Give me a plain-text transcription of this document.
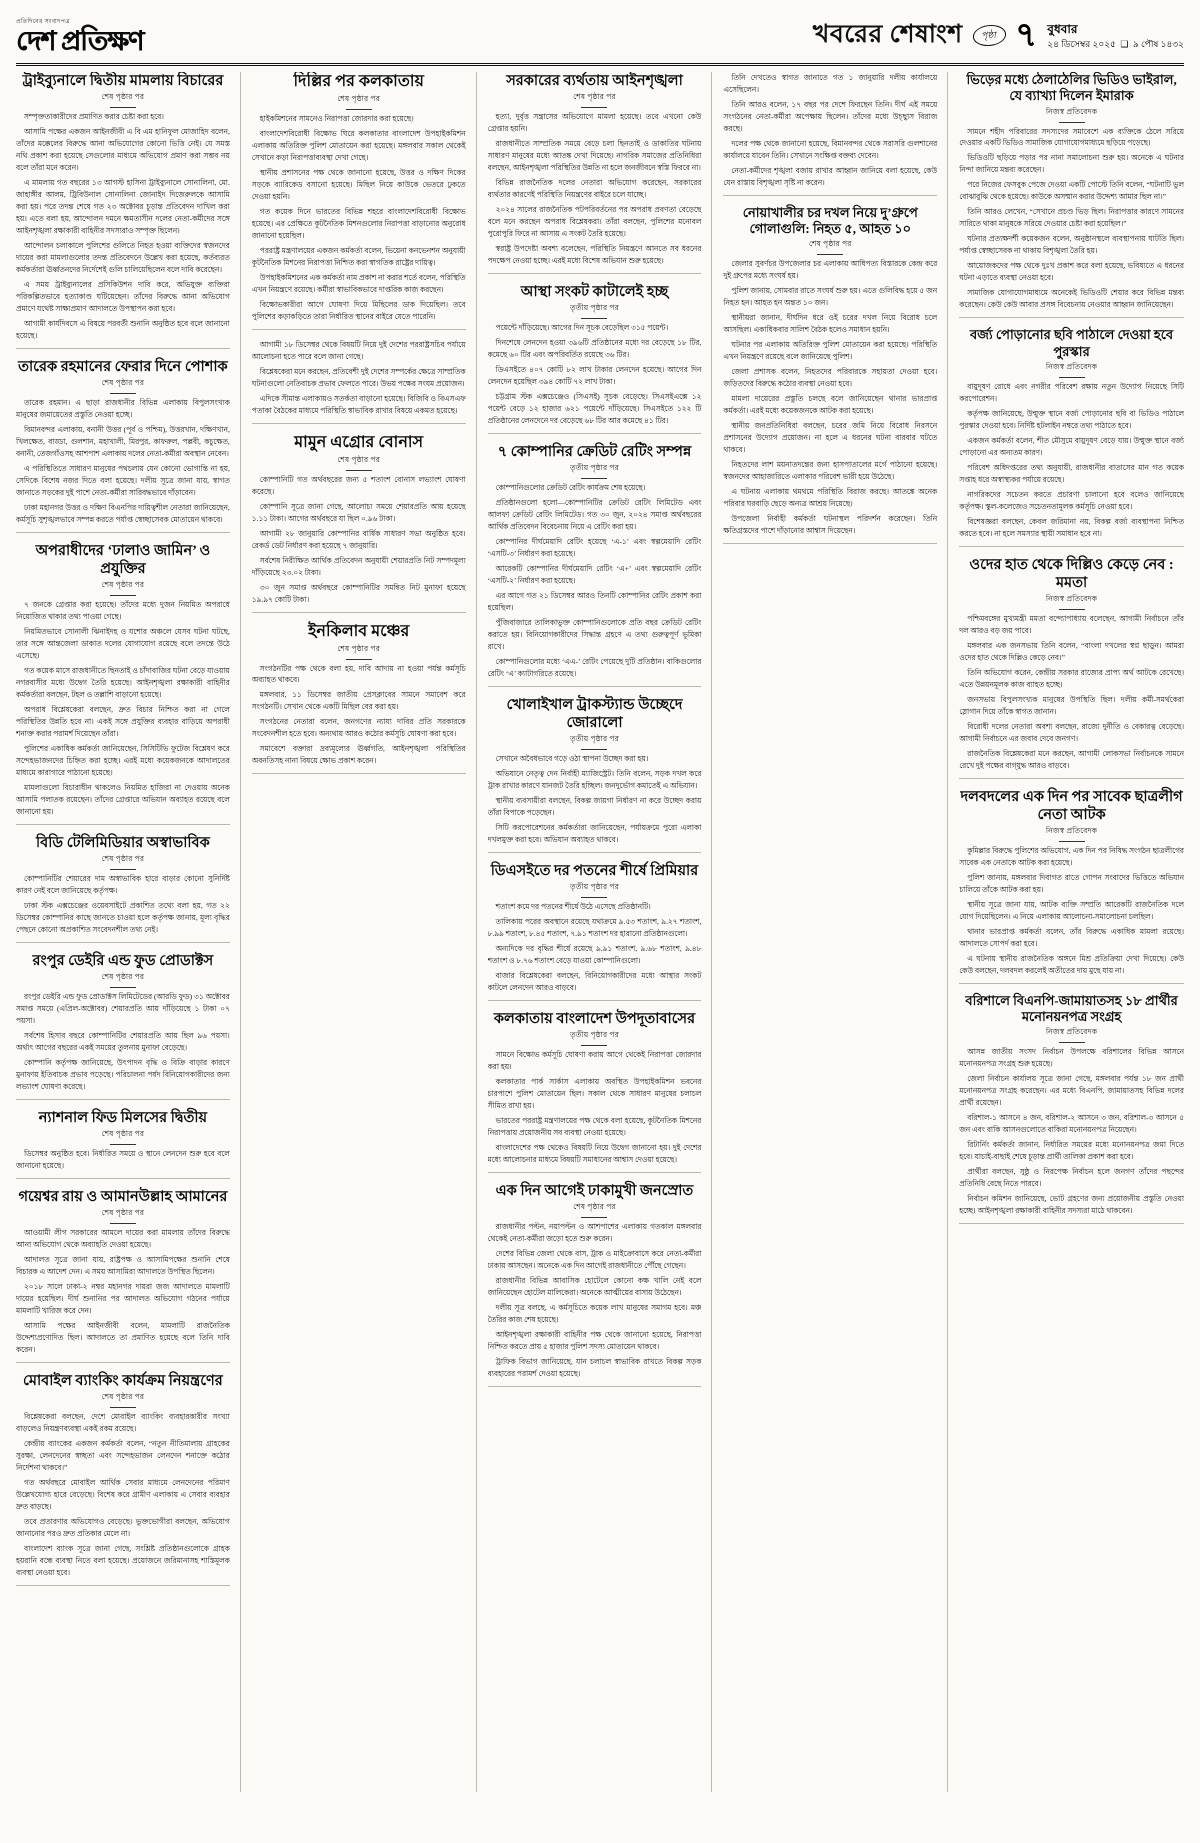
প্রতিদিনের সংবাদপত্র
দেশ প্রতিক্ষণ	খবরের শেষাংশ	পৃষ্ঠা ৭ বুধবার
২৪ ডিসেম্বর ২০২৫  ❑  ৯ পৌষ ১৪৩২
ট্রাইব্যুনালে দ্বিতীয় মামলায় বিচারের
শেষ পৃষ্ঠার পর

সম্পৃক্ততাকারীদের প্রমাণিত করার চেষ্টা করা হবে।

আসামি পক্ষের একজন আইনজীবী এ বি এম হানিফুল মোজাহিদ বলেন, তাঁদের মক্কেলের বিরুদ্ধে আনা অভিযোগের কোনো ভিত্তি নেই। যে সমস্ত নথি প্রকাশ করা হয়েছে সেগুলোর মাধ্যমে অভিযোগ প্রমাণ করা সম্ভব নয় বলে তাঁরা মনে করেন।

এ মামলায় গত বছরের ১৩ আগস্ট হাসিনা ট্রাইব্যুনালে সোনালিনা, মো. জাহাঙ্গীর আলম, ট্রিবিউনাল সোনালিনা জোনাইদ দিজেরুলকে আসামি করা হয়। পরে তদন্ত শেষে গত ২৩ অক্টোবর চূড়ান্ত প্রতিবেদন দাখিল করা হয়। এতে বলা হয়, আন্দোলন দমনে ক্ষমতাসীন দলের নেতা-কর্মীদের সঙ্গে আইনশৃঙ্খলা রক্ষাকারী বাহিনীর সদস্যরাও সম্পৃক্ত ছিলেন।

আন্দোলন চলাকালে পুলিশের গুলিতে নিহত হওয়া ব্যক্তিদের স্বজনদের দায়ের করা মামলাগুলোর তদন্ত প্রতিবেদনে উল্লেখ করা হয়েছে, কর্তব্যরত কর্মকর্তারা ঊর্ধ্বতনদের নির্দেশেই গুলি চালিয়েছিলেন বলে দাবি করেছেন।

এ সময় ট্রাইব্যুনালের প্রসিকিউশন দাবি করে, অভিযুক্ত ব্যক্তিরা পরিকল্পিতভাবে হত্যাকাণ্ড ঘটিয়েছেন। তাঁদের বিরুদ্ধে আনা অভিযোগ প্রমাণে যথেষ্ট সাক্ষ্যপ্রমাণ আদালতে উপস্থাপন করা হবে।

আগামী কার্যদিবসে এ বিষয়ে পরবর্তী শুনানি অনুষ্ঠিত হবে বলে জানানো হয়েছে।

তারেক রহমানের ফেরার দিনে পোশাক
শেষ পৃষ্ঠার পর

তারেক রহমান। এ ছাড়া রাজধানীর বিভিন্ন এলাকায় বিপুলসংখ্যক মানুষের জমায়েতের প্রস্তুতি নেওয়া হচ্ছে।

বিমানবন্দর এলাকায়, বনানী উত্তর (পূর্ব ও পশ্চিম), উত্তরখান, দক্ষিণখান, খিলক্ষেত, বাড্ডা, গুলশান, মহাখালী, মিরপুর, কাফরুল, পল্লবী, কচুক্ষেত, বনানী, তেজগাঁওসহ আশপাশ এলাকায় দলের নেতা-কর্মীরা অবস্থান নেবেন।

এ পরিস্থিতিতে সাধারণ মানুষের পথচলায় যেন কোনো ভোগান্তি না হয়, সেদিকে বিশেষ নজর দিতে বলা হয়েছে। দলীয় সূত্রে জানা যায়, স্বাগত জানাতে সড়কের দুই পাশে নেতা-কর্মীরা সারিবদ্ধভাবে দাঁড়াবেন।

ঢাকা মহানগর উত্তর ও দক্ষিণ বিএনপির দায়িত্বশীল নেতারা জানিয়েছেন, কর্মসূচি সুশৃঙ্খলভাবে সম্পন্ন করতে পর্যাপ্ত স্বেচ্ছাসেবক মোতায়েন থাকবে।

অপরাধীদের ‘ঢালাও জামিন’ ও প্রযুক্তির
শেষ পৃষ্ঠার পর

৭ জনকে গ্রেপ্তার করা হয়েছে। তাঁদের মধ্যে দুজন নিয়মিত অপরাধে নিয়োজিত থাকার তথ্য পাওয়া গেছে।

নিয়মিতভাবে সোনালী ঝিনাইদহ ও যশোর অঞ্চলে যেসব ঘটনা ঘটছে, তার সঙ্গে আন্তজেলা ডাকাত দলের যোগাযোগ রয়েছে বলে তদন্তে উঠে এসেছে।

গত কয়েক মাসে রাজধানীতে ছিনতাই ও চাঁদাবাজির ঘটনা বেড়ে যাওয়ায় নগরবাসীর মধ্যে উদ্বেগ তৈরি হয়েছে। আইনশৃঙ্খলা রক্ষাকারী বাহিনীর কর্মকর্তারা বলছেন, টহল ও তল্লাশি বাড়ানো হয়েছে।

অপরাধ বিশ্লেষকেরা বলছেন, দ্রুত বিচার নিশ্চিত করা না গেলে পরিস্থিতির উন্নতি হবে না। একই সঙ্গে প্রযুক্তির ব্যবহার বাড়িয়ে অপরাধী শনাক্ত করার পরামর্শ দিয়েছেন তাঁরা।

পুলিশের একাধিক কর্মকর্তা জানিয়েছেন, সিসিটিভি ফুটেজ বিশ্লেষণ করে সন্দেহভাজনদের চিহ্নিত করা হচ্ছে। এরই মধ্যে কয়েকজনকে আদালতের মাধ্যমে কারাগারে পাঠানো হয়েছে।

মামলাগুলো বিচারাধীন থাকলেও নিয়মিত হাজিরা না দেওয়ায় অনেক আসামি পলাতক রয়েছেন। তাঁদের গ্রেপ্তারে অভিযান অব্যাহত রয়েছে বলে জানানো হয়।

বিডি টেলিমিডিয়ার অস্বাভাবিক
শেষ পৃষ্ঠার পর

কোম্পানিটির শেয়ারের দাম অস্বাভাবিক হারে বাড়ার কোনো সুনির্দিষ্ট কারণ নেই বলে জানিয়েছে কর্তৃপক্ষ।

ঢাকা স্টক এক্সচেঞ্জের ওয়েবসাইটে প্রকাশিত তথ্যে বলা হয়, গত ২২ ডিসেম্বর কোম্পানির কাছে জানতে চাওয়া হলে কর্তৃপক্ষ জানায়, মূল্য বৃদ্ধির পেছনে কোনো অপ্রকাশিত সংবেদনশীল তথ্য নেই।

রংপুর ডেইরি এন্ড ফুড প্রোডাক্টস
শেষ পৃষ্ঠার পর

রংপুর ডেইরি এন্ড ফুড প্রোডাক্টস লিমিটেডের (আরডি ফুড) ৩১ অক্টোবর সমাপ্ত সময়ে (এপ্রিল-অক্টোবর) শেয়ারপ্রতি আয় দাঁড়িয়েছে ১ টাকা ০৭ পয়সা।

সর্বশেষ হিসাব বছরে কোম্পানিটির শেয়ারপ্রতি আয় ছিল ৯৬ পয়সা। অর্থাৎ আগের বছরের একই সময়ের তুলনায় মুনাফা বেড়েছে।

কোম্পানি কর্তৃপক্ষ জানিয়েছে, উৎপাদন বৃদ্ধি ও বিক্রি বাড়ার কারণে মুনাফায় ইতিবাচক প্রভাব পড়েছে। পরিচালনা পর্ষদ বিনিয়োগকারীদের জন্য লভ্যাংশ ঘোষণা করেছে।

ন্যাশনাল ফিড মিলসের দ্বিতীয়
শেষ পৃষ্ঠার পর

ডিসেম্বর অনুষ্ঠিত হবে। নির্ধারিত সময়ে ও স্থানে লেনদেন শুরু হবে বলে জানানো হয়েছে।

গয়েশ্বর রায় ও আমানউল্লাহ আমানের
শেষ পৃষ্ঠার পর

আওয়ামী লীগ সরকারের আমলে দায়ের করা মামলায় তাঁদের বিরুদ্ধে আনা অভিযোগ থেকে অব্যাহতি দেওয়া হয়েছে।

আদালত সূত্রে জানা যায়, রাষ্ট্রপক্ষ ও আসামিপক্ষের শুনানি শেষে বিচারক এ আদেশ দেন। এ সময় আসামিরা আদালতে উপস্থিত ছিলেন।

২০১৮ সালে ঢাকা-২ নম্বর মহানগর দায়রা জজ আদালতে মামলাটি দায়ের হয়েছিল। দীর্ঘ শুনানির পর আদালত অভিযোগ গঠনের পর্যায়ে মামলাটি খারিজ করে দেন।

আসামি পক্ষের আইনজীবী বলেন, মামলাটি রাজনৈতিক উদ্দেশ্যপ্রণোদিত ছিল। আদালতে তা প্রমাণিত হয়েছে বলে তিনি দাবি করেন।

মোবাইল ব্যাংকিং কার্যক্রম নিয়ন্ত্রণের
শেষ পৃষ্ঠার পর

বিশ্লেষকেরা বলছেন, দেশে মোবাইল ব্যাংকিং ব্যবহারকারীর সংখ্যা বাড়লেও নিয়ন্ত্রণব্যবস্থা একই রকম রয়েছে।

কেন্দ্রীয় ব্যাংকের একজন কর্মকর্তা বলেন, “নতুন নীতিমালায় গ্রাহকের সুরক্ষা, লেনদেনের স্বচ্ছতা এবং সন্দেহভাজন লেনদেন শনাক্তে কঠোর নির্দেশনা থাকবে।”

গত অর্থবছরে মোবাইল আর্থিক সেবার মাধ্যমে লেনদেনের পরিমাণ উল্লেখযোগ্য হারে বেড়েছে। বিশেষ করে গ্রামীণ এলাকায় এ সেবার ব্যবহার দ্রুত বাড়ছে।

তবে প্রতারণার অভিযোগও বেড়েছে। ভুক্তভোগীরা বলছেন, অভিযোগ জানানোর পরও দ্রুত প্রতিকার মেলে না।

বাংলাদেশ ব্যাংক সূত্রে জানা গেছে, সংশ্লিষ্ট প্রতিষ্ঠানগুলোকে গ্রাহক হয়রানি বন্ধে ব্যবস্থা নিতে বলা হয়েছে। প্রয়োজনে জরিমানাসহ শাস্তিমূলক ব্যবস্থা নেওয়া হবে।

দিল্লির পর কলকাতায়
শেষ পৃষ্ঠার পর

হাইকমিশনের সামনেও নিরাপত্তা জোরদার করা হয়েছে।

বাংলাদেশবিরোধী বিক্ষোভ ঘিরে কলকাতার বাংলাদেশ উপহাইকমিশন এলাকায় অতিরিক্ত পুলিশ মোতায়েন করা হয়েছে। মঙ্গলবার সকাল থেকেই সেখানে কড়া নিরাপত্তাব্যবস্থা দেখা গেছে।

স্থানীয় প্রশাসনের পক্ষ থেকে জানানো হয়েছে, উত্তর ও দক্ষিণ দিকের সড়কে ব্যারিকেড বসানো হয়েছে। মিছিল নিয়ে কাউকে ভেতরে ঢুকতে দেওয়া হয়নি।

গত কয়েক দিনে ভারতের বিভিন্ন শহরে বাংলাদেশবিরোধী বিক্ষোভ হয়েছে। এর প্রেক্ষিতে কূটনৈতিক মিশনগুলোর নিরাপত্তা বাড়ানোর অনুরোধ জানানো হয়েছিল।

পররাষ্ট্র মন্ত্রণালয়ের একজন কর্মকর্তা বলেন, ভিয়েনা কনভেনশন অনুযায়ী কূটনৈতিক মিশনের নিরাপত্তা নিশ্চিত করা স্বাগতিক রাষ্ট্রের দায়িত্ব।

উপহাইকমিশনের এক কর্মকর্তা নাম প্রকাশ না করার শর্তে বলেন, পরিস্থিতি এখন নিয়ন্ত্রণে রয়েছে। কর্মীরা স্বাভাবিকভাবে দাপ্তরিক কাজ করছেন।

বিক্ষোভকারীরা আগে ঘোষণা দিয়ে মিছিলের ডাক দিয়েছিল। তবে পুলিশের কড়াকড়িতে তারা নির্ধারিত স্থানের বাইরে যেতে পারেনি।

আগামী ১৮ ডিসেম্বর থেকে বিষয়টি নিয়ে দুই দেশের পররাষ্ট্রসচিব পর্যায়ে আলোচনা হতে পারে বলে জানা গেছে।

বিশ্লেষকেরা মনে করছেন, প্রতিবেশী দুই দেশের সম্পর্কের ক্ষেত্রে সাম্প্রতিক ঘটনাগুলো নেতিবাচক প্রভাব ফেলতে পারে। উভয় পক্ষের সংযম প্রয়োজন।

এদিকে সীমান্ত এলাকায়ও সতর্কতা বাড়ানো হয়েছে। বিজিবি ও বিএসএফ পতাকা বৈঠকের মাধ্যমে পরিস্থিতি স্বাভাবিক রাখার বিষয়ে একমত হয়েছে।

মামুন এগ্রোর বোনাস
শেষ পৃষ্ঠার পর

কোম্পানিটি গত অর্থবছরের জন্য ৫ শতাংশ বোনাস লভ্যাংশ ঘোষণা করেছে।

কোম্পানি সূত্রে জানা গেছে, আলোচ্য সময়ে শেয়ারপ্রতি আয় হয়েছে ১.১১ টাকা। আগের অর্থবছরে যা ছিল ০.৯৬ টাকা।

আগামী ২৮ জানুয়ারি কোম্পানির বার্ষিক সাধারণ সভা অনুষ্ঠিত হবে। রেকর্ড ডেট নির্ধারণ করা হয়েছে ৭ জানুয়ারি।

সর্বশেষ নিরীক্ষিত আর্থিক প্রতিবেদন অনুযায়ী শেয়ারপ্রতি নিট সম্পদমূল্য দাঁড়িয়েছে ২৩.০২ টাকা।

৩০ জুন সমাপ্ত অর্থবছরে কোম্পানিটির সমন্বিত নিট মুনাফা হয়েছে ১৯.৯৭ কোটি টাকা।

ইনকিলাব মঞ্চের
শেষ পৃষ্ঠার পর

সংগঠনটির পক্ষ থেকে বলা হয়, দাবি আদায় না হওয়া পর্যন্ত কর্মসূচি অব্যাহত থাকবে।

মঙ্গলবার, ১১ ডিসেম্বর জাতীয় প্রেসক্লাবের সামনে সমাবেশ করে সংগঠনটি। সেখান থেকে একটি মিছিল বের করা হয়।

সংগঠনের নেতারা বলেন, জনগণের ন্যায্য দাবির প্রতি সরকারকে সংবেদনশীল হতে হবে। অন্যথায় আরও কঠোর কর্মসূচি ঘোষণা করা হবে।

সমাবেশে বক্তারা দ্রব্যমূল্যের ঊর্ধ্বগতি, আইনশৃঙ্খলা পরিস্থিতির অবনতিসহ নানা বিষয়ে ক্ষোভ প্রকাশ করেন।

সরকারের ব্যর্থতায় আইনশৃঙ্খলা
শেষ পৃষ্ঠার পর

হত্যা, দুর্বৃত্ত সন্ত্রাসের অভিযোগে মামলা হয়েছে। তবে এখনো কেউ গ্রেপ্তার হয়নি।

রাজধানীতে সাম্প্রতিক সময়ে বেড়ে চলা ছিনতাই ও ডাকাতির ঘটনায় সাধারণ মানুষের মধ্যে আতঙ্ক দেখা দিয়েছে। নাগরিক সমাজের প্রতিনিধিরা বলছেন, আইনশৃঙ্খলা পরিস্থিতির উন্নতি না হলে জনজীবনে স্বস্তি ফিরবে না।

বিভিন্ন রাজনৈতিক দলের নেতারা অভিযোগ করেছেন, সরকারের ব্যর্থতার কারণেই পরিস্থিতি নিয়ন্ত্রণের বাইরে চলে যাচ্ছে।

২০২৪ সালের রাজনৈতিক পটপরিবর্তনের পর অপরাধ প্রবণতা বেড়েছে বলে মনে করছেন অপরাধ বিশ্লেষকরা। তাঁরা বলছেন, পুলিশের মনোবল পুরোপুরি ফিরে না আসায় এ সংকট তৈরি হয়েছে।

স্বরাষ্ট্র উপদেষ্টা অবশ্য বলেছেন, পরিস্থিতি নিয়ন্ত্রণে আনতে সব ধরনের পদক্ষেপ নেওয়া হচ্ছে। এরই মধ্যে বিশেষ অভিযান শুরু হয়েছে।

আস্থা সংকট কাটালেই হচ্ছ
তৃতীয় পৃষ্ঠার পর

পয়েন্টে দাঁড়িয়েছে। আগের দিন সূচক বেড়েছিল ৩১৫ পয়েন্ট।

দিনশেষে লেনদেন হওয়া ৩৯৬টি প্রতিষ্ঠানের মধ্যে দর বেড়েছে ১৮ টির, কমেছে ৬০ টির এবং অপরিবর্তিত রয়েছে ৩৬ টির।

ডিএসইতে ৪০৭ কোটি ৮২ লাখ টাকার লেনদেন হয়েছে। আগের দিন লেনদেন হয়েছিল ৩৯৪ কোটি ৭২ লাখ টাকা।

চট্টগ্রাম স্টক এক্সচেঞ্জেও (সিএসই) সূচক বেড়েছে। সিএসইএক্সে ১২ পয়েন্ট বেড়ে ১২ হাজার ৬২১ পয়েন্টে দাঁড়িয়েছে। সিএসইতে ১২২ টি প্রতিষ্ঠানের লেনদেনে দর বেড়েছে ৬৮ টির আর কমেছে ৪১ টির।

৭ কোম্পানির ক্রেডিট রেটিং সম্পন্ন
তৃতীয় পৃষ্ঠার পর

কোম্পানিগুলোর ক্রেডিট রেটিং কার্যক্রম শেষ হয়েছে।

প্রতিষ্ঠানগুলো হলো—কোম্পানিটির ক্রেডিট রেটিং লিমিটেড এবং আলফা ক্রেডিট রেটিং লিমিটেড। গত ৩০ জুন, ২০২৪ সমাপ্ত অর্থবছরের আর্থিক প্রতিবেদন বিবেচনায় নিয়ে এ রেটিং করা হয়।

কোম্পানির দীর্ঘমেয়াদি রেটিং হয়েছে ‘এ-১’ এবং স্বল্পমেয়াদি রেটিং ‘এসটি-৩’ নির্ধারণ করা হয়েছে।

আরেকটি কোম্পানির দীর্ঘমেয়াদি রেটিং ‘এ+’ এবং স্বল্পমেয়াদি রেটিং ‘এসটি-২’ নির্ধারণ করা হয়েছে।

এর আগে গত ২১ ডিসেম্বর আরও তিনটি কোম্পানির রেটিং প্রকাশ করা হয়েছিল।

পুঁজিবাজারে তালিকাভুক্ত কোম্পানিগুলোকে প্রতি বছর ক্রেডিট রেটিং করাতে হয়। বিনিয়োগকারীদের সিদ্ধান্ত গ্রহণে এ তথ্য গুরুত্বপূর্ণ ভূমিকা রাখে।

কোম্পানিগুলোর মধ্যে ‘এএ-’ রেটিং পেয়েছে দুটি প্রতিষ্ঠান। বাকিগুলোর রেটিং ‘এ’ ক্যাটাগরিতে রয়েছে।

খোলাইখাল ট্রাকস্ট্যান্ড উচ্ছেদে জোরালো
তৃতীয় পৃষ্ঠার পর

সেখানে অবৈধভাবে গড়ে ওঠা স্থাপনা উচ্ছেদ করা হয়।

অভিযানে নেতৃত্ব দেন নির্বাহী ম্যাজিস্ট্রেট। তিনি বলেন, সড়ক দখল করে ট্রাক রাখার কারণে যানজট তৈরি হচ্ছিল। জনদুর্ভোগ কমাতেই এ অভিযান।

স্থানীয় ব্যবসায়ীরা বলছেন, বিকল্প জায়গা নির্ধারণ না করে উচ্ছেদ করায় তাঁরা বিপাকে পড়েছেন।

সিটি করপোরেশনের কর্মকর্তারা জানিয়েছেন, পর্যায়ক্রমে পুরো এলাকা দখলমুক্ত করা হবে। অভিযান অব্যাহত থাকবে।

ডিএসইতে দর পতনের শীর্ষে প্রিমিয়ার
তৃতীয় পৃষ্ঠার পর

শতাংশ কমে দর পতনের শীর্ষে উঠে এসেছে প্রতিষ্ঠানটি।

তালিকায় পরের অবস্থানে রয়েছে যথাক্রমে ৯.৫৩ শতাংশ, ৯.২৭ শতাংশ, ৮.৯৯ শতাংশ, ৮.৪৫ শতাংশ, ৭.৯১ শতাংশ দর হারানো প্রতিষ্ঠানগুলো।

অন্যদিকে দর বৃদ্ধির শীর্ষে রয়েছে ৯.৯১ শতাংশ, ৯.৬৮ শতাংশ, ৯.৪৮ শতাংশ ও ৮.৭৬ শতাংশ বেড়ে যাওয়া কোম্পানিগুলো।

বাজার বিশ্লেষকেরা বলছেন, বিনিয়োগকারীদের মধ্যে আস্থার সংকট কাটলে লেনদেন আরও বাড়বে।

কলকাতায় বাংলাদেশ উপদূতাবাসের
তৃতীয় পৃষ্ঠার পর

সামনে বিক্ষোভ কর্মসূচি ঘোষণা করায় আগে থেকেই নিরাপত্তা জোরদার করা হয়।

কলকাতার পার্ক সার্কাস এলাকায় অবস্থিত উপহাইকমিশন ভবনের চারপাশে পুলিশ মোতায়েন ছিল। সকাল থেকে সাধারণ মানুষের চলাচল সীমিত রাখা হয়।

ভারতের পররাষ্ট্র মন্ত্রণালয়ের পক্ষ থেকে বলা হয়েছে, কূটনৈতিক মিশনের নিরাপত্তায় প্রয়োজনীয় সব ব্যবস্থা নেওয়া হয়েছে।

বাংলাদেশের পক্ষ থেকেও বিষয়টি নিয়ে উদ্বেগ জানানো হয়। দুই দেশের মধ্যে আলোচনার মাধ্যমে বিষয়টি সমাধানের আশ্বাস দেওয়া হয়েছে।

এক দিন আগেই ঢাকামুখী জনস্রোত
শেষ পৃষ্ঠার পর

রাজধানীর পল্টন, নয়াপল্টন ও আশপাশের এলাকায় গতকাল মঙ্গলবার থেকেই নেতা-কর্মীরা জড়ো হতে শুরু করেন।

দেশের বিভিন্ন জেলা থেকে বাস, ট্রাক ও মাইক্রোবাসে করে নেতা-কর্মীরা ঢাকায় আসছেন। অনেকে এক দিন আগেই রাজধানীতে পৌঁছে গেছেন।

রাজধানীর বিভিন্ন আবাসিক হোটেলে কোনো কক্ষ খালি নেই বলে জানিয়েছেন হোটেল মালিকেরা। অনেকে আত্মীয়ের বাসায় উঠেছেন।

দলীয় সূত্র বলছে, এ কর্মসূচিতে কয়েক লাখ মানুষের সমাগম হবে। মঞ্চ তৈরির কাজ শেষ হয়েছে।

আইনশৃঙ্খলা রক্ষাকারী বাহিনীর পক্ষ থেকে জানানো হয়েছে, নিরাপত্তা নিশ্চিত করতে প্রায় ৫ হাজার পুলিশ সদস্য মোতায়েন থাকবে।

ট্রাফিক বিভাগ জানিয়েছে, যান চলাচল স্বাভাবিক রাখতে বিকল্প সড়ক ব্যবহারের পরামর্শ দেওয়া হয়েছে।

তিনি দেখতেও স্বাগত জানাতে গত ১ জানুয়ারি দলীয় কার্যালয়ে এসেছিলেন।

তিনি আরও বলেন, ১৭ বছর পর দেশে ফিরছেন তিনি। দীর্ঘ এই সময়ে সংগঠনের নেতা-কর্মীরা অপেক্ষায় ছিলেন। তাঁদের মধ্যে উচ্ছ্বাস বিরাজ করছে।

দলের পক্ষ থেকে জানানো হয়েছে, বিমানবন্দর থেকে সরাসরি গুলশানের কার্যালয়ে যাবেন তিনি। সেখানে সংক্ষিপ্ত বক্তব্য দেবেন।

নেতা-কর্মীদের শৃঙ্খলা বজায় রাখার আহ্বান জানিয়ে বলা হয়েছে, কেউ যেন রাস্তায় বিশৃঙ্খলা সৃষ্টি না করেন।

নোয়াখালীর চর দখল নিয়ে দু’গ্রুপে গোলাগুলি: নিহত ৫, আহত ১০
শেষ পৃষ্ঠার পর

জেলার সুবর্ণচর উপজেলার চর এলাকায় আধিপত্য বিস্তারকে কেন্দ্র করে দুই গ্রুপের মধ্যে সংঘর্ষ হয়।

পুলিশ জানায়, সোমবার রাতে সংঘর্ষ শুরু হয়। এতে গুলিবিদ্ধ হয়ে ৫ জন নিহত হন। আহত হন অন্তত ১০ জন।

স্থানীয়রা জানান, দীর্ঘদিন ধরে ওই চরের দখল নিয়ে বিরোধ চলে আসছিল। একাধিকবার সালিশ বৈঠক হলেও সমাধান হয়নি।

ঘটনার পর এলাকায় অতিরিক্ত পুলিশ মোতায়েন করা হয়েছে। পরিস্থিতি এখন নিয়ন্ত্রণে রয়েছে বলে জানিয়েছে পুলিশ।

জেলা প্রশাসক বলেন, নিহতদের পরিবারকে সহায়তা দেওয়া হবে। জড়িতদের বিরুদ্ধে কঠোর ব্যবস্থা নেওয়া হবে।

মামলা দায়েরের প্রস্তুতি চলছে বলে জানিয়েছেন থানার ভারপ্রাপ্ত কর্মকর্তা। এরই মধ্যে কয়েকজনকে আটক করা হয়েছে।

স্থানীয় জনপ্রতিনিধিরা বলছেন, চরের জমি নিয়ে বিরোধ নিরসনে প্রশাসনের উদ্যোগ প্রয়োজন। না হলে এ ধরনের ঘটনা বারবার ঘটতে থাকবে।

নিহতদের লাশ ময়নাতদন্তের জন্য হাসপাতালের মর্গে পাঠানো হয়েছে। স্বজনদের আহাজারিতে এলাকার পরিবেশ ভারী হয়ে উঠেছে।

এ ঘটনায় এলাকায় থমথমে পরিস্থিতি বিরাজ করছে। আতঙ্কে অনেক পরিবার ঘরবাড়ি ছেড়ে অন্যত্র আশ্রয় নিয়েছে।

উপজেলা নির্বাহী কর্মকর্তা ঘটনাস্থল পরিদর্শন করেছেন। তিনি ক্ষতিগ্রস্তদের পাশে দাঁড়ানোর আশ্বাস দিয়েছেন।

ভিড়ের মধ্যে ঠেলাঠেলির ভিডিও ভাইরাল, যে ব্যাখ্যা দিলেন ইমারাক
নিজস্ব প্রতিবেদক

সামনে শহীদ পরিবারের সদস্যদের সমাবেশে এক ব্যক্তিকে ঠেলে সরিয়ে দেওয়ার একটি ভিডিও সামাজিক যোগাযোগমাধ্যমে ছড়িয়ে পড়েছে।

ভিডিওটি ছড়িয়ে পড়ার পর নানা সমালোচনা শুরু হয়। অনেকে এ ঘটনার নিন্দা জানিয়ে মন্তব্য করেছেন।

পরে নিজের ফেসবুক পেজে দেওয়া একটি পোস্টে তিনি বলেন, “ঘটনাটি ভুল বোঝাবুঝি থেকে হয়েছে। কাউকে অসম্মান করার উদ্দেশ্য আমার ছিল না।”

তিনি আরও লেখেন, “সেখানে প্রচণ্ড ভিড় ছিল। নিরাপত্তার কারণে সামনের সারিতে থাকা মানুষকে সরিয়ে দেওয়ার চেষ্টা করা হয়েছিল।”

ঘটনার প্রত্যক্ষদর্শী কয়েকজন বলেন, অনুষ্ঠানস্থলে ব্যবস্থাপনায় ঘাটতি ছিল। পর্যাপ্ত স্বেচ্ছাসেবক না থাকায় বিশৃঙ্খলা তৈরি হয়।

আয়োজকদের পক্ষ থেকে দুঃখ প্রকাশ করে বলা হয়েছে, ভবিষ্যতে এ ধরনের ঘটনা এড়াতে ব্যবস্থা নেওয়া হবে।

সামাজিক যোগাযোগমাধ্যমে অনেকেই ভিডিওটি শেয়ার করে বিভিন্ন মন্তব্য করেছেন। কেউ কেউ আবার প্রসঙ্গ বিবেচনায় নেওয়ার আহ্বান জানিয়েছেন।

বর্জ্য পোড়ানোর ছবি পাঠালে দেওয়া হবে পুরস্কার
নিজস্ব প্রতিবেদক

বায়ুদূষণ রোধে এবং নগরীর পরিবেশ রক্ষায় নতুন উদ্যোগ নিয়েছে সিটি করপোরেশন।

কর্তৃপক্ষ জানিয়েছে, উন্মুক্ত স্থানে বর্জ্য পোড়ানোর ছবি বা ভিডিও পাঠালে পুরস্কার দেওয়া হবে। নির্দিষ্ট হটলাইন নম্বরে তথ্য পাঠাতে হবে।

একজন কর্মকর্তা বলেন, শীত মৌসুমে বায়ুদূষণ বেড়ে যায়। উন্মুক্ত স্থানে বর্জ্য পোড়ানো এর অন্যতম কারণ।

পরিবেশ অধিদপ্তরের তথ্য অনুযায়ী, রাজধানীর বাতাসের মান গত কয়েক সপ্তাহ ধরে অস্বাস্থ্যকর পর্যায়ে রয়েছে।

নাগরিকদের সচেতন করতে প্রচারণা চালানো হবে বলেও জানিয়েছে কর্তৃপক্ষ। স্কুল-কলেজেও সচেতনতামূলক কর্মসূচি নেওয়া হবে।

বিশেষজ্ঞরা বলছেন, কেবল জরিমানা নয়, বিকল্প বর্জ্য ব্যবস্থাপনা নিশ্চিত করতে হবে। না হলে সমস্যার স্থায়ী সমাধান হবে না।

ওদের হাত থেকে দিল্লিও কেড়ে নেব : মমতা
নিজস্ব প্রতিবেদক

পশ্চিমবঙ্গের মুখ্যমন্ত্রী মমতা বন্দ্যোপাধ্যায় বলেছেন, আগামী নির্বাচনে তাঁর দল আরও বড় জয় পাবে।

মঙ্গলবার এক জনসভায় তিনি বলেন, “বাংলা দখলের স্বপ্ন ছাড়ুন। আমরা ওদের হাত থেকে দিল্লিও কেড়ে নেব।”

তিনি অভিযোগ করেন, কেন্দ্রীয় সরকার রাজ্যের প্রাপ্য অর্থ আটকে রেখেছে। এতে উন্নয়নমূলক কাজ ব্যাহত হচ্ছে।

জনসভায় বিপুলসংখ্যক মানুষের উপস্থিতি ছিল। দলীয় কর্মী-সমর্থকেরা স্লোগান দিয়ে তাঁকে স্বাগত জানান।

বিরোধী দলের নেতারা অবশ্য বলছেন, রাজ্যে দুর্নীতি ও বেকারত্ব বেড়েছে। আগামী নির্বাচনে এর জবাব দেবে জনগণ।

রাজনৈতিক বিশ্লেষকেরা মনে করছেন, আগামী লোকসভা নির্বাচনকে সামনে রেখে দুই পক্ষের বাগ্‌যুদ্ধ আরও বাড়বে।

দলবদলের এক দিন পর সাবেক ছাত্রলীগ নেতা আটক
নিজস্ব প্রতিবেদক

কুমিল্লার বিরুদ্ধে পুলিশের অভিযোগ, এক দিন পর নিষিদ্ধ সংগঠন ছাত্রলীগের সাবেক এক নেতাকে আটক করা হয়েছে।

পুলিশ জানায়, মঙ্গলবার দিবাগত রাতে গোপন সংবাদের ভিত্তিতে অভিযান চালিয়ে তাঁকে আটক করা হয়।

স্থানীয় সূত্রে জানা যায়, আটক ব্যক্তি সম্প্রতি আরেকটি রাজনৈতিক দলে যোগ দিয়েছিলেন। এ নিয়ে এলাকায় আলোচনা-সমালোচনা চলছিল।

থানার ভারপ্রাপ্ত কর্মকর্তা বলেন, তাঁর বিরুদ্ধে একাধিক মামলা রয়েছে। আদালতে সোপর্দ করা হবে।

এ ঘটনায় স্থানীয় রাজনৈতিক অঙ্গনে মিশ্র প্রতিক্রিয়া দেখা দিয়েছে। কেউ কেউ বলছেন, দলবদল করলেই অতীতের দায় মুছে যায় না।

বরিশালে বিএনপি-জামায়াতসহ ১৮ প্রার্থীর মনোনয়নপত্র সংগ্রহ
নিজস্ব প্রতিবেদক

আসন্ন জাতীয় সংসদ নির্বাচন উপলক্ষে বরিশালের বিভিন্ন আসনে মনোনয়নপত্র সংগ্রহ শুরু হয়েছে।

জেলা নির্বাচন কার্যালয় সূত্রে জানা গেছে, মঙ্গলবার পর্যন্ত ১৮ জন প্রার্থী মনোনয়নপত্র সংগ্রহ করেছেন। এর মধ্যে বিএনপি, জামায়াতসহ বিভিন্ন দলের প্রার্থী রয়েছেন।

বরিশাল-১ আসনে ৪ জন, বরিশাল-২ আসনে ৩ জন, বরিশাল-৩ আসনে ৫ জন এবং বাকি আসনগুলোতে বাকিরা মনোনয়নপত্র নিয়েছেন।

রিটার্নিং কর্মকর্তা জানান, নির্ধারিত সময়ের মধ্যে মনোনয়নপত্র জমা দিতে হবে। যাচাই-বাছাই শেষে চূড়ান্ত প্রার্থী তালিকা প্রকাশ করা হবে।

প্রার্থীরা বলছেন, সুষ্ঠু ও নিরপেক্ষ নির্বাচন হলে জনগণ তাঁদের পছন্দের প্রতিনিধি বেছে নিতে পারবে।

নির্বাচন কমিশন জানিয়েছে, ভোট গ্রহণের জন্য প্রয়োজনীয় প্রস্তুতি নেওয়া হচ্ছে। আইনশৃঙ্খলা রক্ষাকারী বাহিনীর সদস্যরা মাঠে থাকবেন।
